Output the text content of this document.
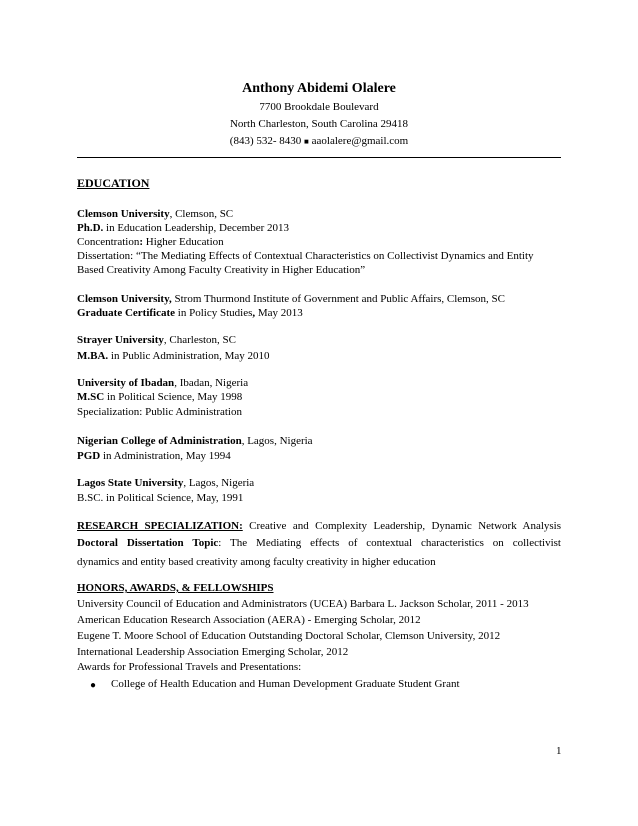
Anthony Abidemi Olalere
7700 Brookdale Boulevard
North Charleston, South Carolina 29418
(843) 532- 8430 ■ aaolalere@gmail.com
EDUCATION
Clemson University, Clemson, SC
Ph.D. in Education Leadership, December 2013
Concentration: Higher Education
Dissertation: “The Mediating Effects of Contextual Characteristics on Collectivist Dynamics and Entity
Based Creativity Among Faculty Creativity in Higher Education”
Clemson University, Strom Thurmond Institute of Government and Public Affairs, Clemson, SC
Graduate Certificate in Policy Studies, May 2013
Strayer University, Charleston, SC
M.BA. in Public Administration, May 2010
University of Ibadan, Ibadan, Nigeria
M.SC in Political Science, May 1998
Specialization: Public Administration
Nigerian College of Administration, Lagos, Nigeria
PGD in Administration, May 1994
Lagos State University, Lagos, Nigeria
B.SC. in Political Science, May, 1991
RESEARCH SPECIALIZATION: Creative and Complexity Leadership, Dynamic Network Analysis
Doctoral Dissertation Topic: The Mediating effects of contextual characteristics on collectivist
dynamics and entity based creativity among faculty creativity in higher education
HONORS, AWARDS, & FELLOWSHIPS
University Council of Education and Administrators (UCEA) Barbara L. Jackson Scholar, 2011 - 2013
American Education Research Association (AERA) - Emerging Scholar, 2012
Eugene T. Moore School of Education Outstanding Doctoral Scholar, Clemson University, 2012
International Leadership Association Emerging Scholar, 2012
Awards for Professional Travels and Presentations:
● College of Health Education and Human Development Graduate Student Grant
1
